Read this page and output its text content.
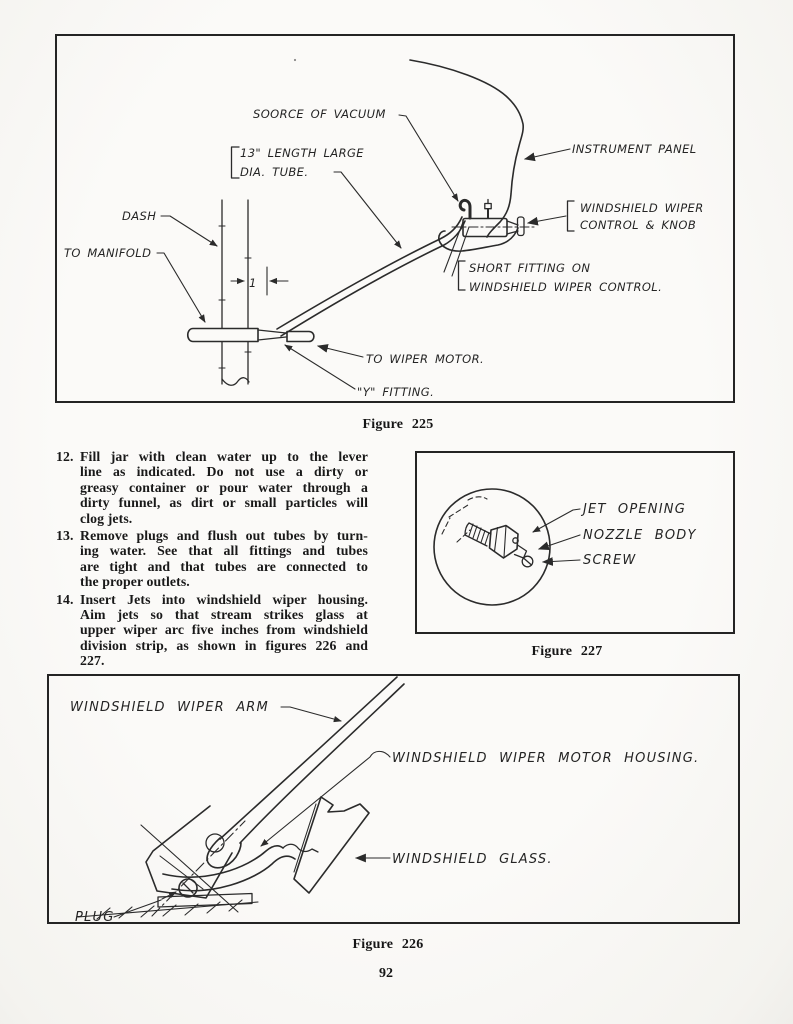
1
SOORCE OF VACUUM
13" LENGTH LARGE
DIA. TUBE.
INSTRUMENT PANEL
DASH
TO MANIFOLD
WINDSHIELD WIPER
CONTROL & KNOB
SHORT FITTING ON
WINDSHIELD WIPER CONTROL.
TO WIPER MOTOR.
"Y" FITTING.
JET OPENING
NOZZLE BODY
SCREW
WINDSHIELD WIPER ARM
WINDSHIELD WIPER MOTOR HOUSING.
WINDSHIELD GLASS.
PLUG
12. Fill jar with clean water up to the lever
line as indicated. Do not use a dirty or
greasy container or pour water through a
dirty funnel, as dirt or small particles will
clog jets.
13. Remove plugs and flush out tubes by turn-
ing water. See that all fittings and tubes
are tight and that tubes are connected to
the proper outlets.
14. Insert Jets into windshield wiper housing.
Aim jets so that stream strikes glass at
upper wiper arc five inches from windshield
division strip, as shown in figures 226 and
227.
Figure 225
Figure 227
Figure 226
92
